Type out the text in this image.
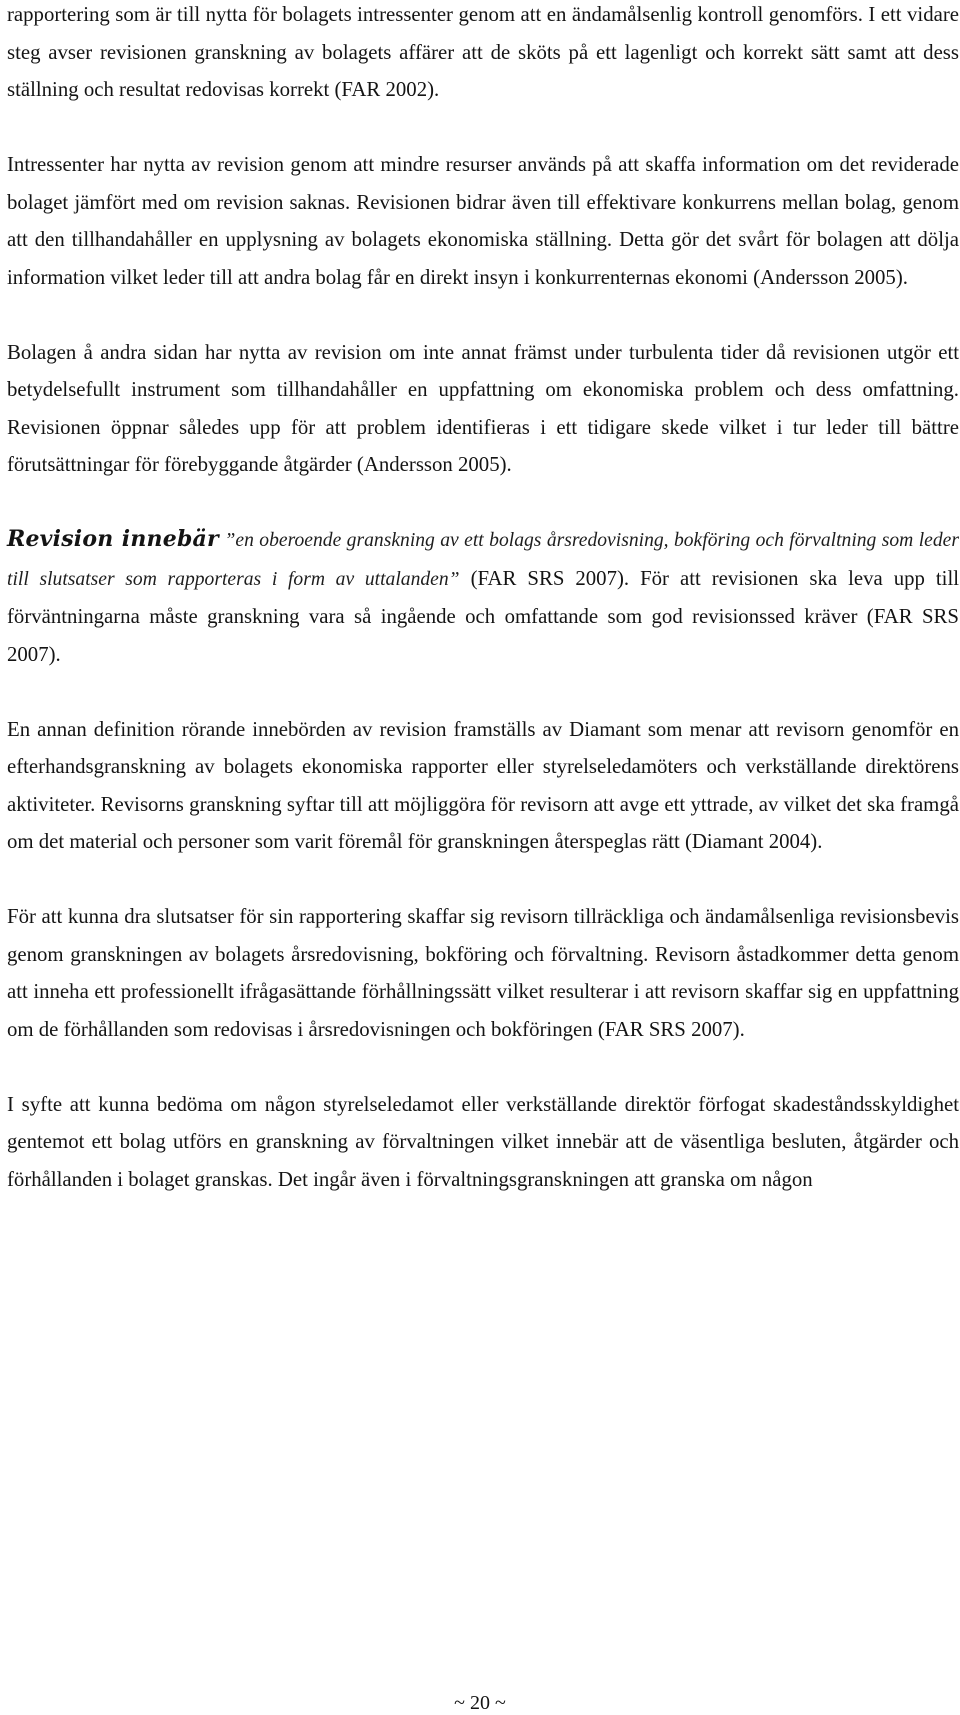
rapportering som är till nytta för bolagets intressenter genom att en ändamålsenlig kontroll genomförs. I ett vidare steg avser revisionen granskning av bolagets affärer att de sköts på ett lagenligt och korrekt sätt samt att dess ställning och resultat redovisas korrekt (FAR 2002).

Intressenter har nytta av revision genom att mindre resurser används på att skaffa information om det reviderade bolaget jämfört med om revision saknas. Revisionen bidrar även till effektivare konkurrens mellan bolag, genom att den tillhandahåller en upplysning av bolagets ekonomiska ställning. Detta gör det svårt för bolagen att dölja information vilket leder till att andra bolag får en direkt insyn i konkurrenternas ekonomi (Andersson 2005).

Bolagen å andra sidan har nytta av revision om inte annat främst under turbulenta tider då revisionen utgör ett betydelsefullt instrument som tillhandahåller en uppfattning om ekonomiska problem och dess omfattning. Revisionen öppnar således upp för att problem identifieras i ett tidigare skede vilket i tur leder till bättre förutsättningar för förebyggande åtgärder (Andersson 2005).

Revision innebär ”en oberoende granskning av ett bolags årsredovisning, bokföring och förvaltning som leder till slutsatser som rapporteras i form av uttalanden” (FAR SRS 2007). För att revisionen ska leva upp till förväntningarna måste granskning vara så ingående och omfattande som god revisionssed kräver (FAR SRS 2007).

En annan definition rörande innebörden av revision framställs av Diamant som menar att revisorn genomför en efterhandsgranskning av bolagets ekonomiska rapporter eller styrelseledamöters och verkställande direktörens aktiviteter. Revisorns granskning syftar till att möjliggöra för revisorn att avge ett yttrade, av vilket det ska framgå om det material och personer som varit föremål för granskningen återspeglas rätt (Diamant 2004).

För att kunna dra slutsatser för sin rapportering skaffar sig revisorn tillräckliga och ändamålsenliga revisionsbevis genom granskningen av bolagets årsredovisning, bokföring och förvaltning. Revisorn åstadkommer detta genom att inneha ett professionellt ifrågasättande förhållningssätt vilket resulterar i att revisorn skaffar sig en uppfattning om de förhållanden som redovisas i årsredovisningen och bokföringen (FAR SRS 2007).

I syfte att kunna bedöma om någon styrelseledamot eller verkställande direktör förfogat skadeståndsskyldighet gentemot ett bolag utförs en granskning av förvaltningen vilket innebär att de väsentliga besluten, åtgärder och förhållanden i bolaget granskas. Det ingår även i förvaltningsgranskningen att granska om någon

~ 20 ~
